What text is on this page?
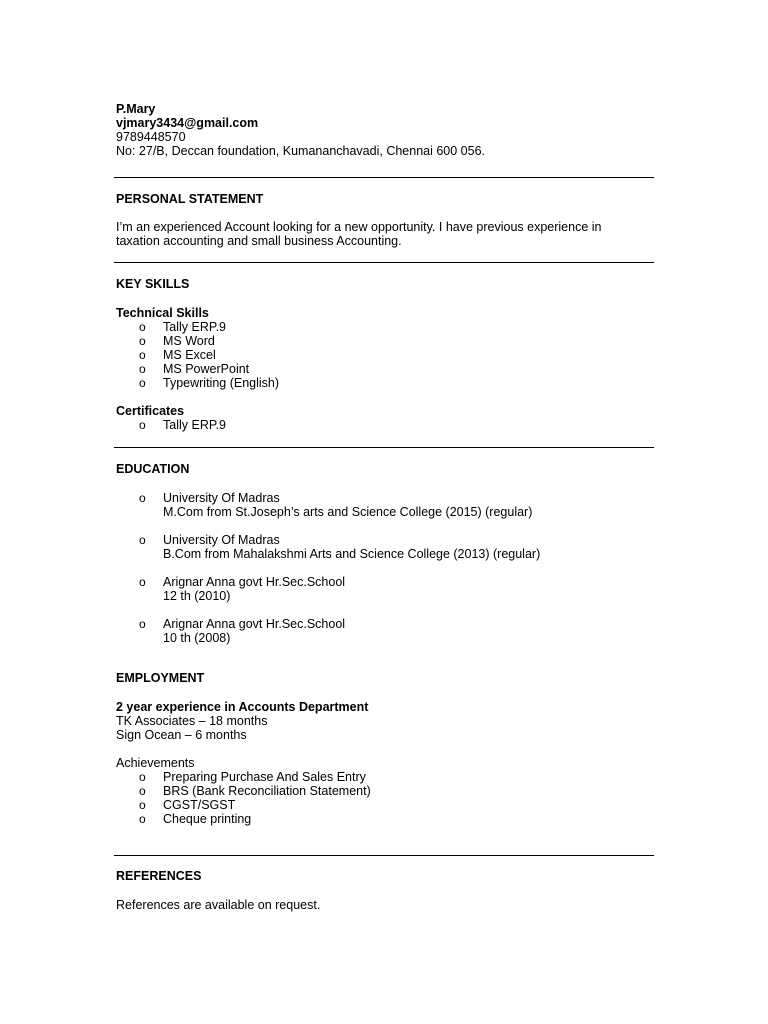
P.Mary
vjmary3434@gmail.com
9789448570
No: 27/B, Deccan foundation, Kumananchavadi, Chennai 600 056.
PERSONAL STATEMENT
I’m an experienced Account looking for a new opportunity. I have previous experience in
taxation accounting and small business Accounting.
KEY SKILLS
Technical Skills
o Tally ERP.9
o MS Word
o MS Excel
o MS PowerPoint
o Typewriting (English)
Certificates
o Tally ERP.9
EDUCATION
o University Of Madras
M.Com from St.Joseph’s arts and Science College (2015) (regular)
o University Of Madras
B.Com from Mahalakshmi Arts and Science College (2013) (regular)
o Arignar Anna govt Hr.Sec.School
12 th (2010)
o Arignar Anna govt Hr.Sec.School
10 th (2008)
EMPLOYMENT
2 year experience in Accounts Department
TK Associates – 18 months
Sign Ocean – 6 months
Achievements
o Preparing Purchase And Sales Entry
o BRS (Bank Reconciliation Statement)
o CGST/SGST
o Cheque printing
REFERENCES
References are available on request.
